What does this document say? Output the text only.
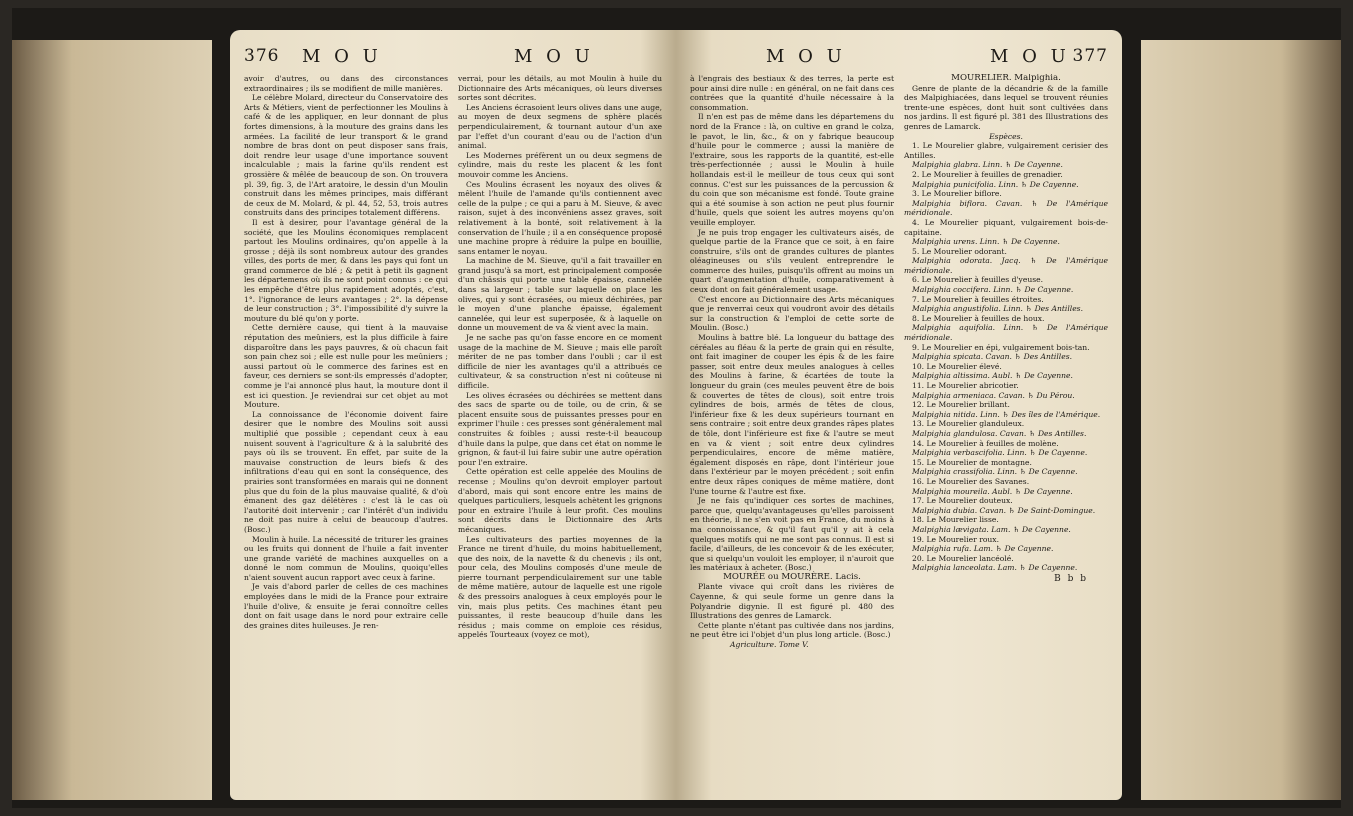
376 M O U	M O U

avoir d'autres, ou dans des circonstances extraordinaires ; ils se modifient de mille manières.

Le célèbre Molard, directeur du Conservatoire des Arts & Métiers, vient de perfectionner les Moulins à café & de les appliquer, en leur donnant de plus fortes dimensions, à la mouture des grains dans les armées. La facilité de leur transport & le grand nombre de bras dont on peut disposer sans frais, doit rendre leur usage d'une importance souvent incalculable ; mais la farine qu'ils rendent est grossière & mêlée de beaucoup de son. On trouvera pl. 39, fig. 3, de l'Art aratoire, le dessin d'un Moulin construit dans les mêmes principes, mais différant de ceux de M. Molard, & pl. 44, 52, 53, trois autres construits dans des principes totalement différens.

Il est à desirer, pour l'avantage général de la société, que les Moulins économiques remplacent partout les Moulins ordinaires, qu'on appelle à la grosse ; déjà ils sont nombreux autour des grandes villes, des ports de mer, & dans les pays qui font un grand commerce de blé ; & petit à petit ils gagnent les départemens où ils ne sont point connus : ce qui les empêche d'être plus rapidement adoptés, c'est, 1°. l'ignorance de leurs avantages ; 2°. la dépense de leur construction ; 3°. l'impossibilité d'y suivre la mouture du blé qu'on y porte.

Cette dernière cause, qui tient à la mauvaise réputation des meûniers, est la plus difficile à faire disparoître dans les pays pauvres, & où chacun fait son pain chez soi ; elle est nulle pour les meûniers ; aussi partout où le commerce des farines est en faveur, ces derniers se sont-ils empressés d'adopter, comme je l'ai annoncé plus haut, la mouture dont il est ici question. Je reviendrai sur cet objet au mot Mouture.

La connoissance de l'économie doivent faire desirer que le nombre des Moulins soit aussi multiplié que possible ; cependant ceux à eau nuisent souvent à l'agriculture & à la salubrité des pays où ils se trouvent. En effet, par suite de la mauvaise construction de leurs biefs & des infiltrations d'eau qui en sont la conséquence, des prairies sont transformées en marais qui ne donnent plus que du foin de la plus mauvaise qualité, & d'où émanent des gaz délétères : c'est là le cas où l'autorité doit intervenir ; car l'intérêt d'un individu ne doit pas nuire à celui de beaucoup d'autres. (Bosc.)

Moulin à huile. La nécessité de triturer les graines ou les fruits qui donnent de l'huile a fait inventer une grande variété de machines auxquelles on a donné le nom commun de Moulins, quoiqu'elles n'aient souvent aucun rapport avec ceux à farine.

Je vais d'abord parler de celles de ces machines employées dans le midi de la France pour extraire l'huile d'olive, & ensuite je ferai connoître celles dont on fait usage dans le nord pour extraire celle des graines dites huileuses. Je ren-

verrai, pour les détails, au mot Moulin à huile du Dictionnaire des Arts mécaniques, où leurs diverses sortes sont décrites.

Les Anciens écrasoient leurs olives dans une auge, au moyen de deux segmens de sphère placés perpendiculairement, & tournant autour d'un axe par l'effet d'un courant d'eau ou de l'action d'un animal.

Les Modernes préfèrent un ou deux segmens de cylindre, mais du reste les placent & les font mouvoir comme les Anciens.

Ces Moulins écrasent les noyaux des olives & mêlent l'huile de l'amande qu'ils contiennent avec celle de la pulpe ; ce qui a paru à M. Sieuve, & avec raison, sujet à des inconvéniens assez graves, soit relativement à la bonté, soit relativement à la conservation de l'huile ; il a en conséquence proposé une machine propre à réduire la pulpe en bouillie, sans entamer le noyau.

La machine de M. Sieuve, qu'il a fait travailler en grand jusqu'à sa mort, est principalement composée d'un châssis qui porte une table épaisse, cannelée dans sa largeur ; table sur laquelle on place les olives, qui y sont écrasées, ou mieux déchirées, par le moyen d'une planche épaisse, également cannelée, qui leur est superposée, & à laquelle on donne un mouvement de va & vient avec la main.

Je ne sache pas qu'on fasse encore en ce moment usage de la machine de M. Sieuve ; mais elle paroît mériter de ne pas tomber dans l'oubli ; car il est difficile de nier les avantages qu'il a attribués ce cultivateur, & sa construction n'est ni coûteuse ni difficile.

Les olives écrasées ou déchirées se mettent dans des sacs de sparte ou de toile, ou de crin, & se placent ensuite sous de puissantes presses pour en exprimer l'huile : ces presses sont généralement mal construites & foibles ; aussi reste-t-il beaucoup d'huile dans la pulpe, que dans cet état on nomme le grignon, & faut-il lui faire subir une autre opération pour l'en extraire.

Cette opération est celle appelée des Moulins de recense ; Moulins qu'on devroit employer partout d'abord, mais qui sont encore entre les mains de quelques particuliers, lesquels achètent les grignons pour en extraire l'huile à leur profit. Ces moulins sont décrits dans le Dictionnaire des Arts mécaniques.

Les cultivateurs des parties moyennes de la France ne tirent d'huile, du moins habituellement, que des noix, de la navette & du chenevis ; ils ont, pour cela, des Moulins composés d'une meule de pierre tournant perpendiculairement sur une table de même matière, autour de laquelle est une rigole & des pressoirs analogues à ceux employés pour le vin, mais plus petits. Ces machines étant peu puissantes, il reste beaucoup d'huile dans les résidus ; mais comme on emploie ces résidus, appelés Tourteaux (voyez ce mot),

M O U	M O U 377

à l'engrais des bestiaux & des terres, la perte est pour ainsi dire nulle : en général, on ne fait dans ces contrées que la quantité d'huile nécessaire à la consommation.

Il n'en est pas de même dans les départemens du nord de la France : là, on cultive en grand le colza, le pavot, le lin, &c., & on y fabrique beaucoup d'huile pour le commerce ; aussi la manière de l'extraire, sous les rapports de la quantité, est-elle très-perfectionnée ; aussi le Moulin à huile hollandais est-il le meilleur de tous ceux qui sont connus. C'est sur les puissances de la percussion & du coin que son mécanisme est fondé. Toute graine qui a été soumise à son action ne peut plus fournir d'huile, quels que soient les autres moyens qu'on veuille employer.

Je ne puis trop engager les cultivateurs aisés, de quelque partie de la France que ce soit, à en faire construire, s'ils ont de grandes cultures de plantes oléagineuses ou s'ils veulent entreprendre le commerce des huiles, puisqu'ils offrent au moins un quart d'augmentation d'huile, comparativement à ceux dont on fait généralement usage.

C'est encore au Dictionnaire des Arts mécaniques que je renverrai ceux qui voudront avoir des détails sur la construction & l'emploi de cette sorte de Moulin. (Bosc.)

Moulins à battre blé. La longueur du battage des céréales au fléau & la perte de grain qui en résulte, ont fait imaginer de couper les épis & de les faire passer, soit entre deux meules analogues à celles des Moulins à farine, & écartées de toute la longueur du grain (ces meules peuvent être de bois & couvertes de têtes de clous), soit entre trois cylindres de bois, armés de têtes de clous, l'inférieur fixe & les deux supérieurs tournant en sens contraire ; soit entre deux grandes râpes plates de tôle, dont l'inférieure est fixe & l'autre se meut en va & vient ; soit entre deux cylindres perpendiculaires, encore de même matière, également disposés en râpe, dont l'intérieur joue dans l'extérieur par le moyen précédent ; soit enfin entre deux râpes coniques de même matière, dont l'une tourne & l'autre est fixe.

Je ne fais qu'indiquer ces sortes de machines, parce que, quelqu'avantageuses qu'elles paroissent en théorie, il ne s'en voit pas en France, du moins à ma connoissance, & qu'il faut qu'il y ait à cela quelques motifs qui ne me sont pas connus. Il est si facile, d'ailleurs, de les concevoir & de les exécuter, que si quelqu'un vouloit les employer, il n'auroit que les matériaux à acheter. (Bosc.)

MOURÉE ou MOURÈRE. Lacis.

Plante vivace qui croît dans les rivières de Cayenne, & qui seule forme un genre dans la Polyandrie digynie. Il est figuré pl. 480 des Illustrations des genres de Lamarck.

Cette plante n'étant pas cultivée dans nos jardins, ne peut être ici l'objet d'un plus long article. (Bosc.)

Agriculture. Tome V.

MOURELIER. Malpighia.

Genre de plante de la décandrie & de la famille des Malpighiacées, dans lequel se trouvent réunies trente-une espèces, dont huit sont cultivées dans nos jardins. Il est figuré pl. 381 des Illustrations des genres de Lamarck.

Espèces.

1. Le Mourelier glabre, vulgairement cerisier des Antilles.

Malpighia glabra. Linn. ♄ De Cayenne.

2. Le Mourelier à feuilles de grenadier.

Malpighia punicifolia. Linn. ♄ De Cayenne.

3. Le Mourelier biflore.

Malpighia biflora. Cavan. ♄ De l'Amérique méridionale.

4. Le Mourelier piquant, vulgairement bois-de-capitaine.

Malpighia urens. Linn. ♄ De Cayenne.

5. Le Mourelier odorant.

Malpighia odorata. Jacq. ♄ De l'Amérique méridionale.

6. Le Mourelier à feuilles d'yeuse.

Malpighia coccifera. Linn. ♄ De Cayenne.

7. Le Mourelier à feuilles étroites.

Malpighia angustifolia. Linn. ♄ Des Antilles.

8. Le Mourelier à feuilles de houx.

Malpighia aquifolia. Linn. ♄ De l'Amérique méridionale.

9. Le Mourelier en épi, vulgairement bois-tan.

Malpighia spicata. Cavan. ♄ Des Antilles.

10. Le Mourelier élevé.

Malpighia altissima. Aubl. ♄ De Cayenne.

11. Le Mourelier abricotier.

Malpighia armeniaca. Cavan. ♄ Du Pérou.

12. Le Mourelier brillant.

Malpighia nitida. Linn. ♄ Des îles de l'Amérique.

13. Le Mourelier glanduleux.

Malpighia glandulosa. Cavan. ♄ Des Antilles.

14. Le Mourelier à feuilles de molène.

Malpighia verbascifolia. Linn. ♄ De Cayenne.

15. Le Mourelier de montagne.

Malpighia crassifolia. Linn. ♄ De Cayenne.

16. Le Mourelier des Savanes.

Malpighia moureila. Aubl. ♄ De Cayenne.

17. Le Mourelier douteux.

Malpighia dubia. Cavan. ♄ De Saint-Domingue.

18. Le Mourelier lisse.

Malpighia lævigata. Lam. ♄ De Cayenne.

19. Le Mourelier roux.

Malpighia rufa. Lam. ♄ De Cayenne.

20. Le Mourelier lancéolé.

Malpighia lanceolata. Lam. ♄ De Cayenne.

B b b
